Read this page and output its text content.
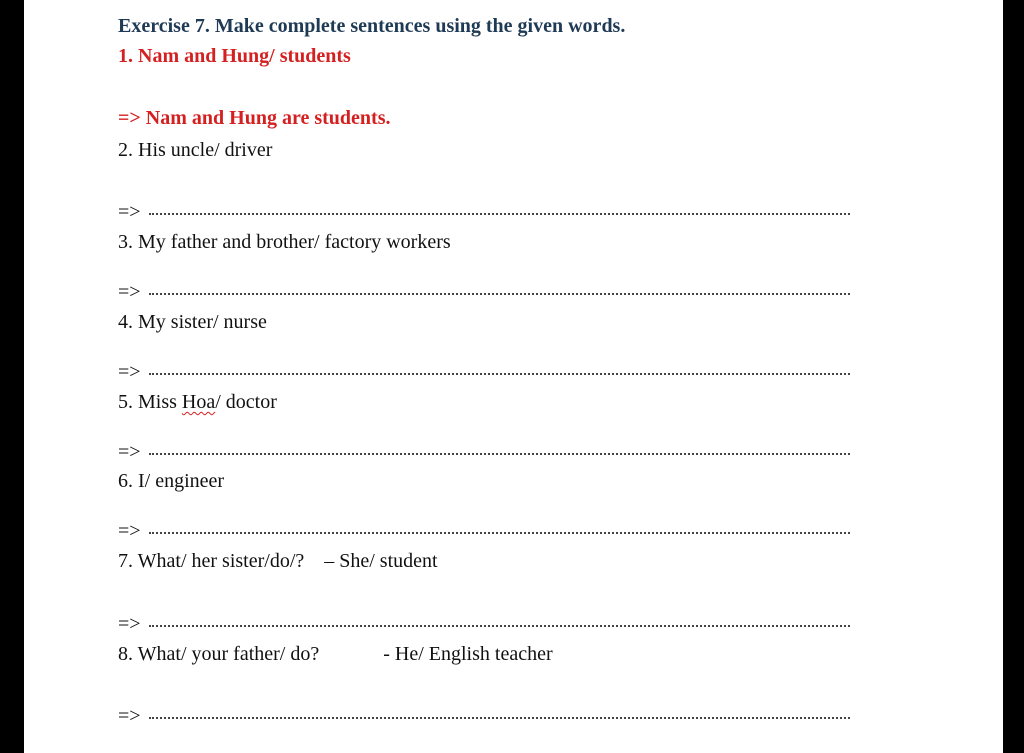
Exercise 7. Make complete sentences using the given words.
1. Nam and Hung/ students
=> Nam and Hung are students.
2. His uncle/ driver
=>
3. My father and brother/ factory workers
=>
4. My sister/ nurse
=>
5. Miss Hoa/ doctor
=>
6. I/ engineer
=>
7. What/ her sister/do/? – She/ student
=>
8. What/ your father/ do?	- He/ English teacher
=>
